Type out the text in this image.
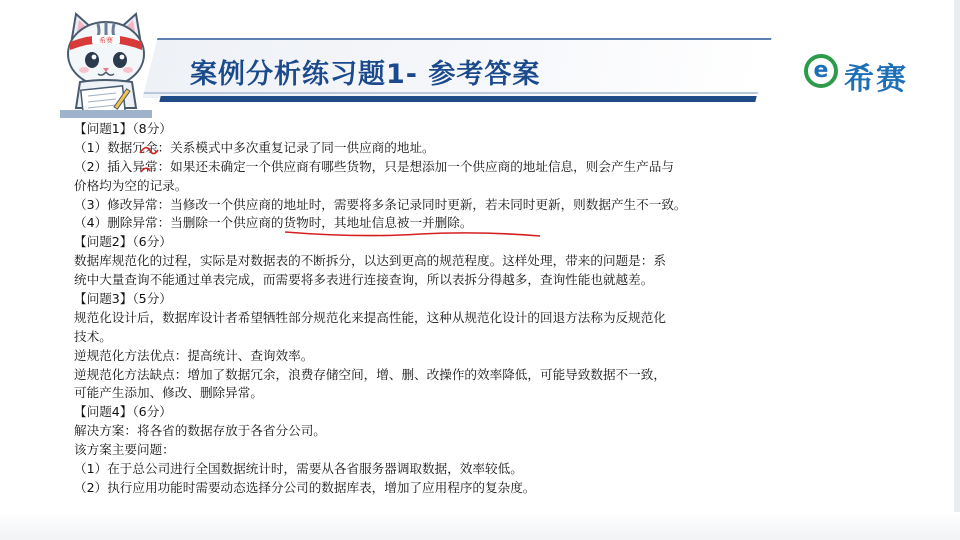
案例分析练习题1- 参考答案
希赛
e 希赛
【问题1】（8分）
（1）数据冗余：关系模式中多次重复记录了同一供应商的地址。
（2）插入异常：如果还未确定一个供应商有哪些货物，只是想添加一个供应商的地址信息，则会产生产品与
价格均为空的记录。
（3）修改异常：当修改一个供应商的地址时，需要将多条记录同时更新，若未同时更新，则数据产生不一致。
（4）删除异常：当删除一个供应商的货物时，其地址信息被一并删除。
【问题2】（6分）
数据库规范化的过程，实际是对数据表的不断拆分，以达到更高的规范程度。这样处理，带来的问题是：系
统中大量查询不能通过单表完成，而需要将多表进行连接查询，所以表拆分得越多，查询性能也就越差。
【问题3】（5分）
规范化设计后，数据库设计者希望牺牲部分规范化来提高性能，这种从规范化设计的回退方法称为反规范化
技术。
逆规范化方法优点：提高统计、查询效率。
逆规范化方法缺点：增加了数据冗余，浪费存储空间，增、删、改操作的效率降低，可能导致数据不一致，
可能产生添加、修改、删除异常。
【问题4】（6分）
解决方案：将各省的数据存放于各省分公司。
该方案主要问题：
（1）在于总公司进行全国数据统计时，需要从各省服务器调取数据，效率较低。
（2）执行应用功能时需要动态选择分公司的数据库表，增加了应用程序的复杂度。
